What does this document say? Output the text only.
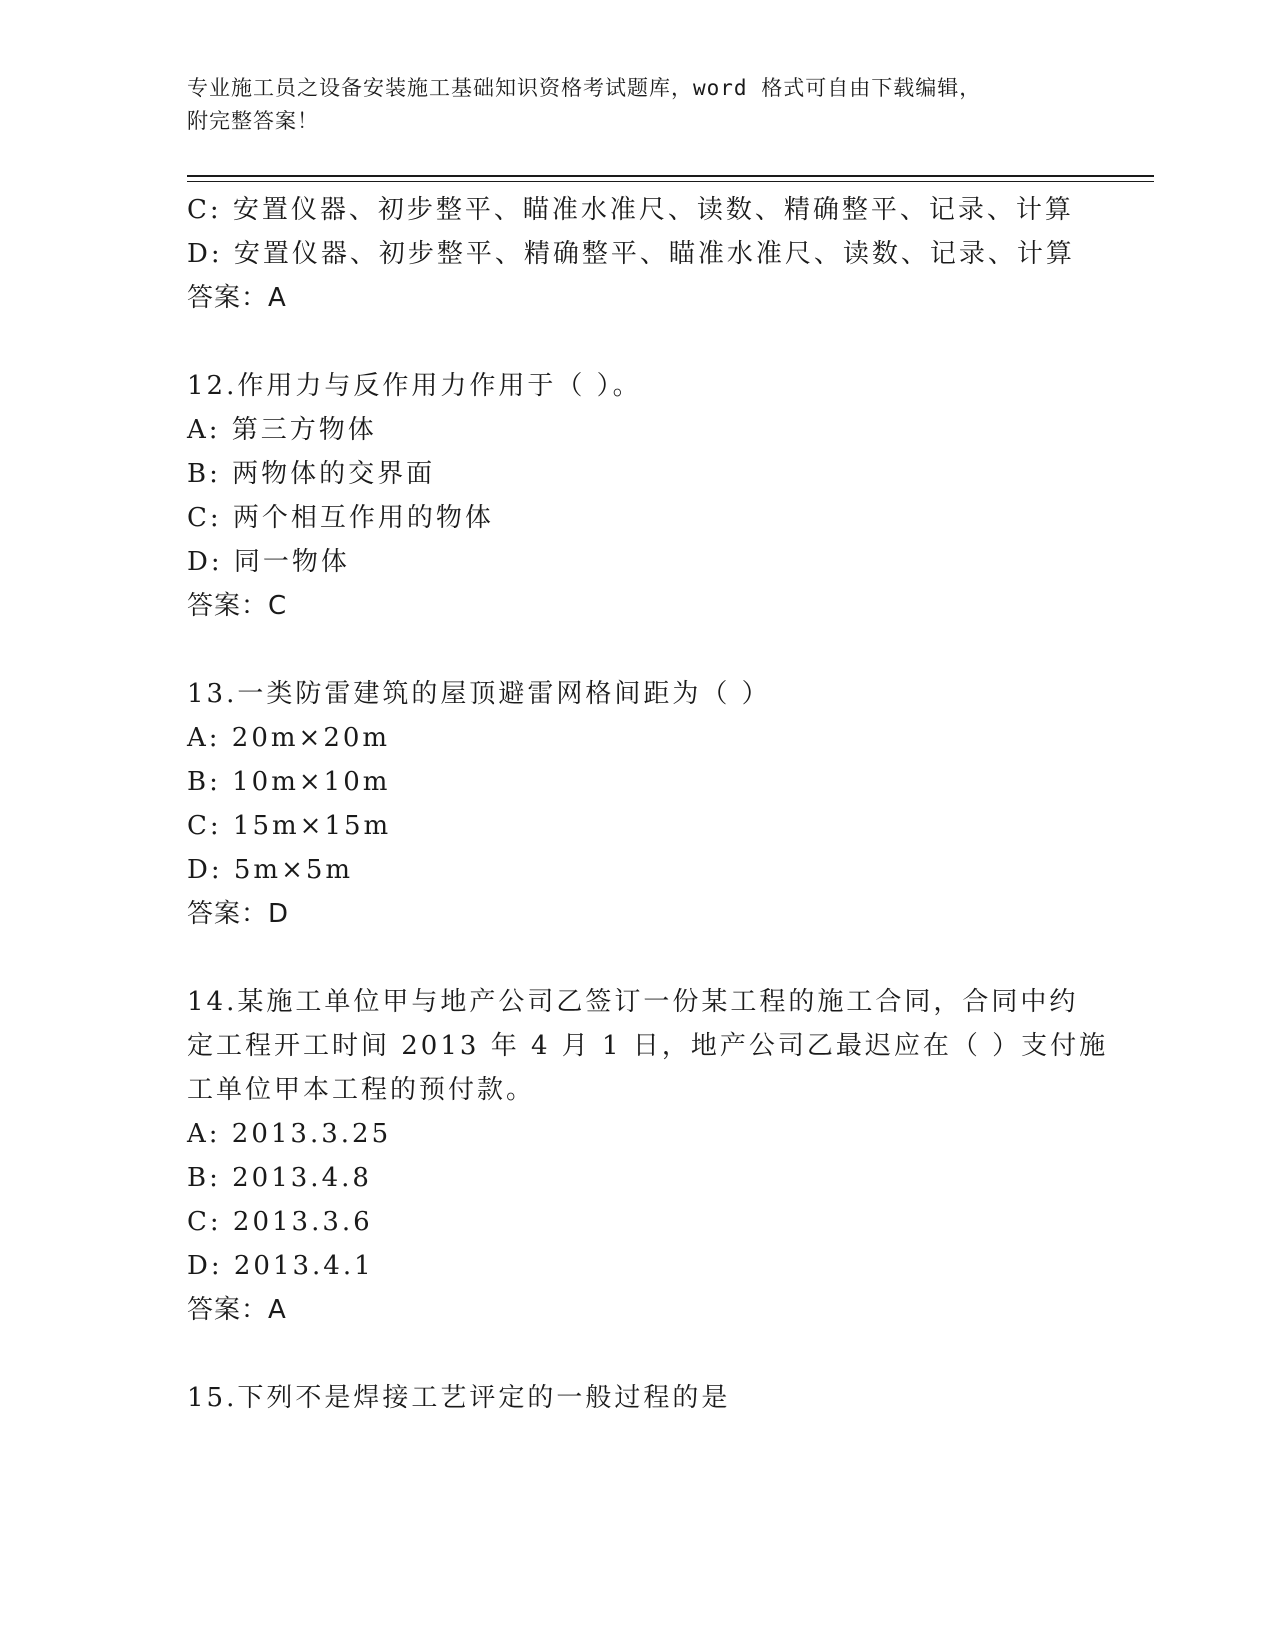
专业施工员之设备安装施工基础知识资格考试题库，word 格式可自由下载编辑，
附完整答案！
C: 安置仪器、初步整平、瞄准水准尺、读数、精确整平、记录、计算
D: 安置仪器、初步整平、精确整平、瞄准水准尺、读数、记录、计算
答案：A
12.作用力与反作用力作用于（ ）。
A: 第三方物体
B: 两物体的交界面
C: 两个相互作用的物体
D: 同一物体
答案：C
13.一类防雷建筑的屋顶避雷网格间距为（ ）
A: 20m×20m
B: 10m×10m
C: 15m×15m
D: 5m×5m
答案：D
14.某施工单位甲与地产公司乙签订一份某工程的施工合同，合同中约
定工程开工时间 2013 年 4 月 1 日，地产公司乙最迟应在（ ）支付施
工单位甲本工程的预付款。
A: 2013.3.25
B: 2013.4.8
C: 2013.3.6
D: 2013.4.1
答案：A
15.下列不是焊接工艺评定的一般过程的是
